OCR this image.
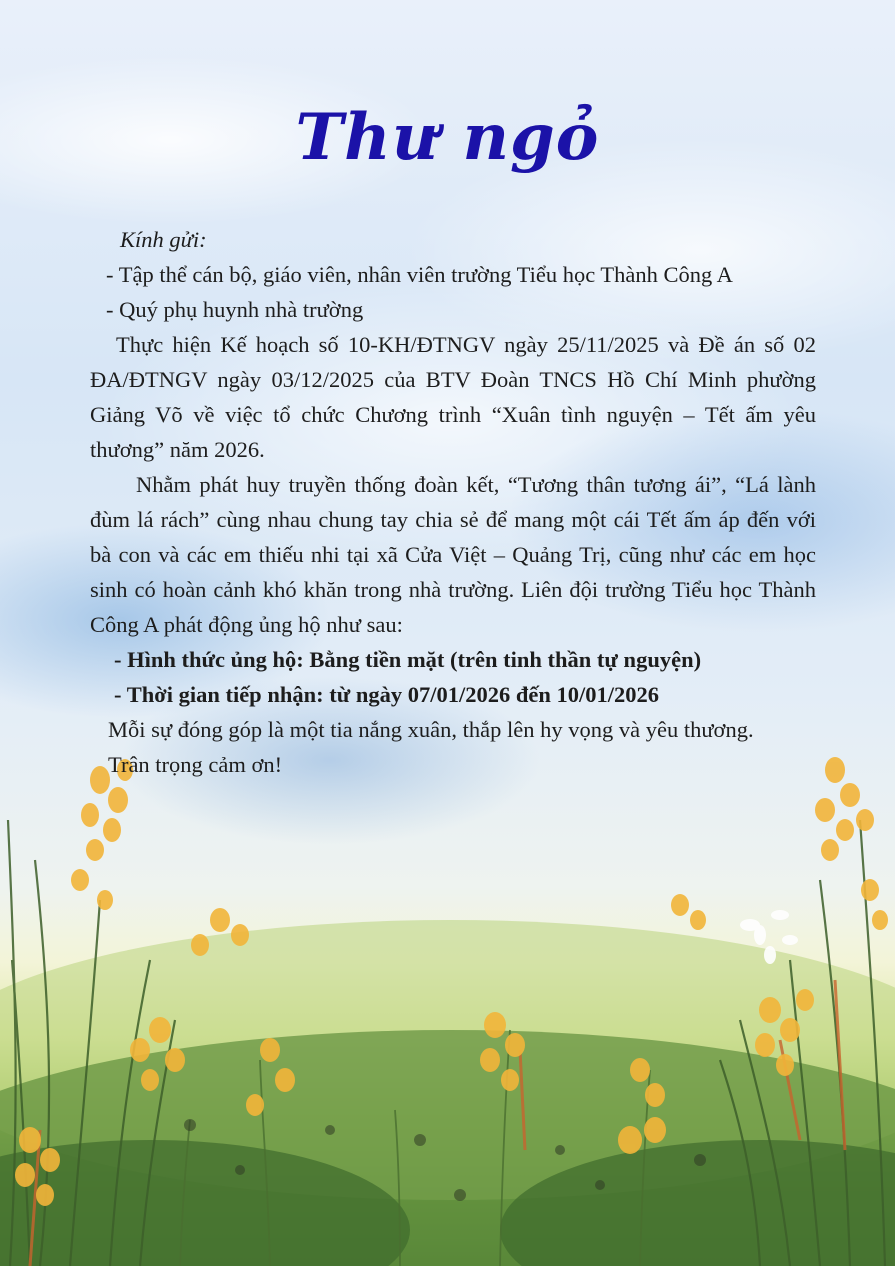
Thư ngỏ
Kính gửi:
- Tập thể cán bộ, giáo viên, nhân viên trường Tiểu học Thành Công A
- Quý phụ huynh nhà trường
Thực hiện Kế hoạch số 10-KH/ĐTNGV ngày 25/11/2025 và Đề án số 02 ĐA/ĐTNGV ngày 03/12/2025 của BTV Đoàn TNCS Hồ Chí Minh phường Giảng Võ về việc tổ chức Chương trình “Xuân tình nguyện – Tết ấm yêu thương” năm 2026.
Nhằm phát huy truyền thống đoàn kết, “Tương thân tương ái”, “Lá lành đùm lá rách” cùng nhau chung tay chia sẻ để mang một cái Tết ấm áp đến với bà con và các em thiếu nhi tại xã Cửa Việt – Quảng Trị, cũng như các em học sinh có hoàn cảnh khó khăn trong nhà trường. Liên đội trường Tiểu học Thành Công A phát động ủng hộ như sau:
- Hình thức ủng hộ: Bằng tiền mặt (trên tinh thần tự nguyện)
- Thời gian tiếp nhận: từ ngày 07/01/2026 đến 10/01/2026
Mỗi sự đóng góp là một tia nắng xuân, thắp lên hy vọng và yêu thương.
Trân trọng cảm ơn!
